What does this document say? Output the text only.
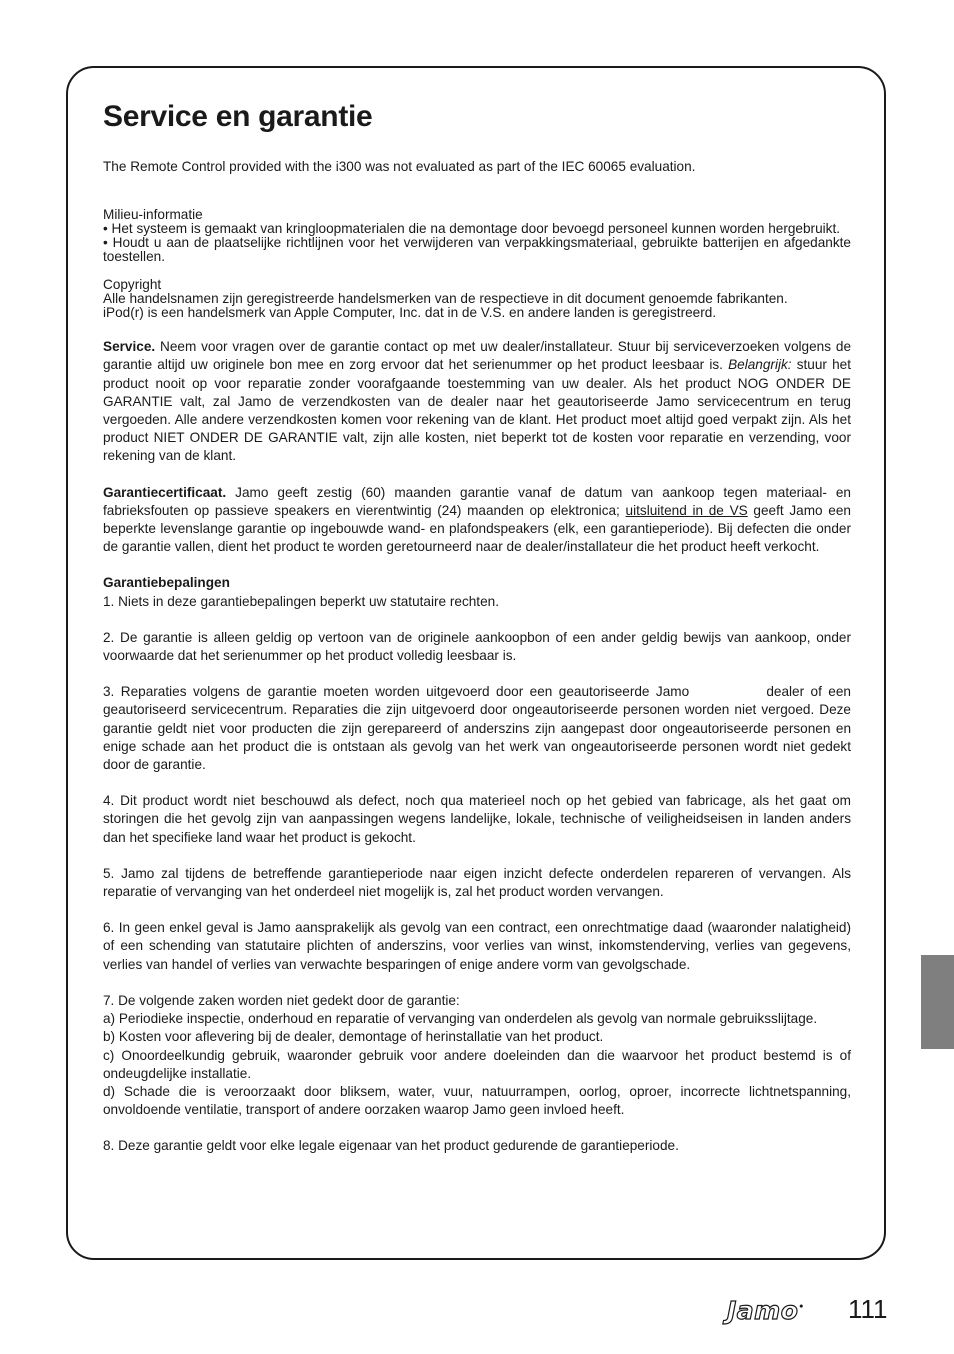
Service en garantie

The Remote Control provided with the i300 was not evaluated as part of the IEC 60065 evaluation.

Milieu-informatie

• Het systeem is gemaakt van kringloopmaterialen die na demontage door bevoegd personeel kunnen worden hergebruikt.

• Houdt u aan de plaatselijke richtlijnen voor het verwijderen van verpakkingsmateriaal, gebruikte batterijen en afgedankte toestellen.

Copyright

Alle handelsnamen zijn geregistreerde handelsmerken van de respectieve in dit document genoemde fabrikanten.

iPod(r) is een handelsmerk van Apple Computer, Inc. dat in de V.S. en andere landen is geregistreerd.

Service. Neem voor vragen over de garantie contact op met uw dealer/installateur. Stuur bij serviceverzoeken volgens de garantie altijd uw originele bon mee en zorg ervoor dat het serienummer op het product leesbaar is. Belangrijk: stuur het product nooit op voor reparatie zonder voorafgaande toestemming van uw dealer. Als het product NOG ONDER DE GARANTIE valt, zal Jamo de verzendkosten van de dealer naar het geautoriseerde Jamo servicecentrum en terug vergoeden. Alle andere verzendkosten komen voor rekening van de klant. Het product moet altijd goed verpakt zijn. Als het product NIET ONDER DE GARANTIE valt, zijn alle kosten, niet beperkt tot de kosten voor reparatie en verzending, voor rekening van de klant.

Garantiecertificaat. Jamo geeft zestig (60) maanden garantie vanaf de datum van aankoop tegen materiaal- en fabrieksfouten op passieve speakers en vierentwintig (24) maanden op elektronica; uitsluitend in de VS geeft Jamo een beperkte levenslange garantie op ingebouwde wand- en plafondspeakers (elk, een garantieperiode). Bij defecten die onder de garantie vallen, dient het product te worden geretourneerd naar de dealer/installateur die het product heeft verkocht.

Garantiebepalingen

1. Niets in deze garantiebepalingen beperkt uw statutaire rechten.

2. De garantie is alleen geldig op vertoon van de originele aankoopbon of een ander geldig bewijs van aankoop, onder voorwaarde dat het serienummer op het product volledig leesbaar is.

3. Reparaties volgens de garantie moeten worden uitgevoerd door een geautoriseerde Jamo            dealer of een geautoriseerd servicecentrum. Reparaties die zijn uitgevoerd door ongeautoriseerde personen worden niet vergoed. Deze garantie geldt niet voor producten die zijn gerepareerd of anderszins zijn aangepast door ongeautoriseerde personen en enige schade aan het product die is ontstaan als gevolg van het werk van ongeautoriseerde personen wordt niet gedekt door de garantie.

4. Dit product wordt niet beschouwd als defect, noch qua materieel noch op het gebied van fabricage, als het gaat om storingen die het gevolg zijn van aanpassingen wegens landelijke, lokale, technische of veiligheidseisen in landen anders dan het specifieke land waar het product is gekocht.

5. Jamo zal tijdens de betreffende garantieperiode naar eigen inzicht defecte onderdelen repareren of vervangen. Als reparatie of vervanging van het onderdeel niet mogelijk is, zal het product worden vervangen.

6. In geen enkel geval is Jamo aansprakelijk als gevolg van een contract, een onrechtmatige daad (waaronder nalatigheid) of een schending van statutaire plichten of anderszins, voor verlies van winst, inkomstenderving, verlies van gegevens, verlies van handel of verlies van verwachte besparingen of enige andere vorm van gevolgschade.

7. De volgende zaken worden niet gedekt door de garantie:

a) Periodieke inspectie, onderhoud en reparatie of vervanging van onderdelen als gevolg van normale gebruiksslijtage.

b) Kosten voor aflevering bij de dealer, demontage of herinstallatie van het product.

c) Onoordeelkundig gebruik, waaronder gebruik voor andere doeleinden dan die waarvoor het product bestemd is of ondeugdelijke installatie.

d) Schade die is veroorzaakt door bliksem, water, vuur, natuurrampen, oorlog, oproer, incorrecte lichtnetspanning, onvoldoende ventilatie, transport of andere oorzaken waarop Jamo geen invloed heeft.

8. Deze garantie geldt voor elke legale eigenaar van het product gedurende de garantieperiode.

Jamo• 111
